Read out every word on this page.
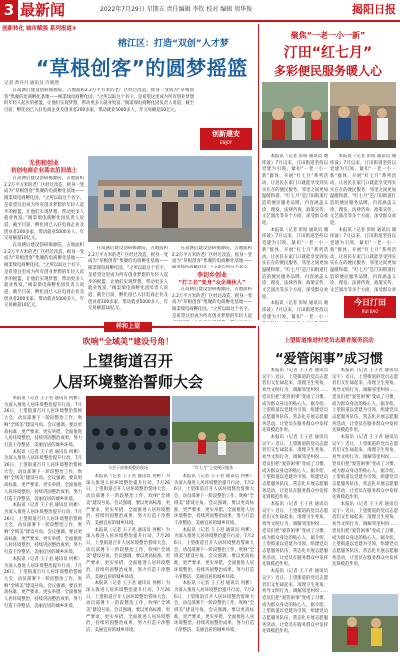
3 最新闻	2022年7月29日 星期五 责任编辑 李钦 校对 编辑 周华俊	揭阳日报
创新转化 城市赋强 系列报道③
榕江区：打造“双创”人才梦
“草根创客”的圆梦摇篮
记者 黄丹丹 通讯员 许晓然

在高测后建设创研揭源院，占地面积2.2万平方米的老厂区经过改造，摇身一变成为“草根创客”集聚的电商孵化基地——揭渠瑞电商孵化园。“之所以取这个名字，是希望这里成为所有创业梦想的年轻人起步的摇篮，让他们实现梦想，带动更多人就业致富。”揭渠瑞电商孵化园负责人说道，截至目前，孵化园已入驻电商企业及创业者200多家，带动就业5000多人，年交易额超10亿元。

创新建安
ENJOY
无伤和创业
初创电商企业蓝衣茁回战土

在高测后建设创研揭源院，占地面积2.2万平方米的老厂区经过改造，摇身一变成为“草根创客”集聚的电商孵化基地——揭渠瑞电商孵化园。“之所以取这个名字，是希望这里成为所有创业梦想的年轻人起步的摇篮，让他们实现梦想，带动更多人就业致富。”揭渠瑞电商孵化园负责人说道，截至目前，孵化园已入驻电商企业及创业者200多家，带动就业5000多人，年交易额超10亿元。

在高测后建设创研揭源院，占地面积2.2万平方米的老厂区经过改造，摇身一变成为“草根创客”集聚的电商孵化基地——揭渠瑞电商孵化园。“之所以取这个名字，是希望这里成为所有创业梦想的年轻人起步的摇篮，让他们实现梦想，带动更多人就业致富。”揭渠瑞电商孵化园负责人说道，截至目前，孵化园已入驻电商企业及创业者200多家，带动就业5000多人，年交易额超10亿元。

在高测后建设创研揭源院，占地面积2.2万平方米的老厂区经过改造，摇身一变成为“草根创客”集聚的电商孵化基地——揭渠瑞电商孵化园。“之所以取这个名字，是希望这里成为所有创业梦想的年轻人起步的摇篮，让他们实现梦想，带动更多人就业致富。”揭渠瑞电商孵化园负责人说道，截至目前，孵化园已入驻电商企业及创业者200多家，带动就业5000多人，年交易额超10亿元。

在高测后建设创研揭源院，占地面积2.2万平方米的老厂区经过改造，摇身一变成为“草根创客”集聚的电商孵化基地——

李切乡创业
“打工名”变身“众企商伙人”

在高测后建设创研揭源院，占地面积2.2万平方米的老厂区经过改造，摇身一变成为“草根创客”集聚的电商孵化基地——揭渠瑞电商孵化园。“之所以取这个名字，是希望这里成为所有创业梦想的年轻人起

聚焦“一老一小一新”
汀田“红七月”
多彩便民服务暖人心

本报讯（记者 彭锐 通讯员 谢炜波）7月以来，汀田街道坚持以党建为引领，紧扣“一老一小一新”群体，开展“红七月”系列活动，让居民在家门口就能享受到实实在在的便民服务，邻里之间更加温暖和谐。“红七月”是汀田街道打造的便民服务品牌，内容涵盖义诊、理发、法律咨询、政策宣传、文艺演出等多个方面，深受群众欢迎。

本报讯（记者 彭锐 通讯员 谢炜波）7月以来，汀田街道坚持以党建为引领，紧扣“一老一小一新”群体，开展“红七月”系列活动，让居民在家门口就能享受到实实在在的便民服务，邻里之间更加温暖和谐。“红七月”是汀田街道打造的便民服务品牌，内容涵盖义诊、理发、法律咨询、政策宣传、文艺演出等多个方面，深受群众欢迎。

本报讯（记者 彭锐 通讯员 谢炜波）7月以来，汀田街道坚持以党建为引领，紧扣“一老一小一

本报讯（记者 彭锐 通讯员 谢炜波）7月以来，汀田街道坚持以党建为引领，紧扣“一老一小一新”群体，开展“红七月”系列活动，让居民在家门口就能享受到实实在在的便民服务，邻里之间更加温暖和谐。“红七月”是汀田街道打造的便民服务品牌，内容涵盖义诊、理发、法律咨询、政策宣传、文艺演出等多个方面，深受群众欢迎。

本报讯（记者 彭锐 通讯员 谢炜波）7月以来，汀田街道坚持以党建为引领，紧扣“一老一小一新”群体，开展“红七月”系列活动，让居民在家门口就能享受到实实在在的便民服务，邻里之间更加温暖和谐。“红七月”是汀田街道打造的便民服务品牌，内容涵盖义诊、理发、法律咨询、政策宣传、文艺演出等多个方面，深受群众欢

今日汀田
RUI BAO
样和上望
吹响“全域美”建设号角！
上望街道召开
人居环境整治誓师大会
与会干部参观整治现场	“红七月”上望便民服务

本报讯（记者 王子君 通讯员 何彬）为深入推进人居环境整治提升行动，7月26日，上望街道召开人居环境整治誓师大会，动员部署下一阶段整治工作，吹响“全域美”建设号角。会议强调，要以更高标准、更严要求、更实举措，全面推进人居环境整治，持续巩固整治成果，努力打造干净整洁、美丽宜居的城乡环境。

本报讯（记者 王子君 通讯员 何彬）为深入推进人居环境整治提升行动，7月26日，上望街道召开人居环境整治誓师大会，动员部署下一阶段整治工作，吹响“全域美”建设号角。会议强调，要以更高标准、更严要求、更实举措，全面推进人居环境整治，持续巩固整治成果，努力打造干净整洁、美丽宜居的城乡环境。

本报讯（记者 王子君 通讯员 何彬）为深入推进人居环境整治提升行动，7月26日，上望街道召开人居环境整治誓师大会，动员部署下一阶段整治工作，吹响“全域美”建设号角。会议强调，要以更高标准、更严要求、更实举措，全面推进人居环境整治，持续巩固整治成果，努力打造干净整洁、美丽宜居的城乡环境。

本报讯（记者 王子君 通讯员 何彬）为深入推进人居环境整治提升行动，7月26日，上望街道召开人居环境整治誓师大会，动员部署下一阶段整治工作，吹响“全域美”建设号角。会议强调，要以更高标准、更严要求、更实举措，全面推进人居环境整治，持续巩固整治成果，努力打造干净整洁、美丽宜居的城乡环境。

本报讯（记者 王子君 通讯员 何彬）为深入推进人居环境整治提升行动，7月26日，上望街道召开人居环境整治誓师大会，动员部署下一阶段整治工作，吹响“全域美”建设号角。会议强调，要以更高标准、更严要求、更实举措，全面推进人居环境整治，持续巩固整治成果，努力打造干净整洁、美丽宜居的城乡环境。

本报讯（记者 王子君 通讯员 何彬）为深入推进人居环境整治提升行动，7月26日，上望街道召开人居环境整治誓师大会，动员部署下一阶段整治工作，吹响“全域美”建设号角。会议强调，要以更高标准、更严要求、更实举措，全面推进人居环境整治，持续巩固整治成果，努力打造干净整洁、美丽宜居的城乡环境。

本报讯（记者 王子君 通讯员 何彬）为深入推进人居环境整治提升行动，7月26日，上望街道召开人居环境整治誓师大会，动员部署下一阶段整治工作，吹响“全域美”建设号角。会议强调，要以更高标准、更严要求、更实举措，全面推进人居环境整治，持续巩固整治成果，努力打造干净整洁、美丽宜居的城乡环境。

本报讯（记者 王子君 通讯员 何彬）为深入推进人居环境整治提升行动，7月26日，上望街道召开人居环境整治誓师大会，动员部署下一阶段整治工作，吹响“全域美”建设号角。会议强调，要以更高标准、更严要求、更实举措，全面推进人居环境整治，持续巩固整治成果，努力打造干净整洁、美丽宜居的城乡环境。

本报讯（记者 王子君 通讯员 何彬）为深入推进人居环境整治提升行动，7月26日，上望街道召开人居环境整治誓师大会，动员部署下一阶段整治工作，吹响“全域美”建设号角。会议强调，要以更高标准、更严要求、更实举措，全面推进人居环境整治，持续巩固整治成果，努力打造干净整洁、美丽宜居的城乡环境。

本报讯（记者 王子君 通讯员 何彬）为深入推进人居环境整治提升行动，7月26日，上望街道召开人居环境整治誓师大会，动员部署下一阶段整治工作，吹响“全域美”建设号角。会议强调，要以更高标准、更严要求、更实举措，全面推进人居环境整治，持续巩固整治成果，努力打造干净整洁、美丽宜居的城乡环境。

上望街道推进村党员志愿者服务活动
“爱管闲事”成习惯

本报讯（记者 王子君 通讯员 吴宇）近日，上望街道的党员志愿者们又忙碌起来，清理卫生死角、劝导文明行为、调解邻里纠纷……党员们把“爱管闲事”变成了习惯，成为群众身边的贴心人。据介绍，上望街道以党建为引领，组建党员志愿服务队伍，常态化开展志愿服务活动，让党员在服务群众中发挥先锋模范作用。

本报讯（记者 王子君 通讯员 吴宇）近日，上望街道的党员志愿者们又忙碌起来，清理卫生死角、劝导文明行为、调解邻里纠纷……党员们把“爱管闲事”变成了习惯，成为群众身边的贴心人。据介绍，上望街道以党建为引领，组建党员志愿服务队伍，常态化开展志愿服务活动，让党员在服务群众中发挥先锋模范作用。

本报讯（记者 王子君 通讯员 吴宇）近日，上望街道的党员志愿者们又忙碌起来，清理卫生死角、劝导文明行为、调解邻里纠纷……党员们把“爱管闲事”变成了习惯，成为群众身边的贴心人。据介绍，上望街道以党建为引领，组建党员志愿服务队伍，常态化开展志愿服务活动，让党员在服务群众中发挥先锋模范作用。

本报讯（记者 王子君 通讯员 吴宇）近日，上望街道的党员志愿者们又忙碌起来，清理卫生死角、劝导文明行为、调解邻里纠纷……党员们把“爱管闲事”变成了习惯，成为群众身边的贴心人。据介绍，上望街道以党建为引领，组建党员志愿服务队伍，常态化开展志愿服务活动，让党员在服务群众中发挥先锋模范作用。

本报讯（记者 王子君 通讯员 吴宇）近日，上望街道的党员志愿者们又忙碌起来，清理卫生死角、劝导文明行为、调解邻里纠纷……党员们把“爱管闲事”变成了习惯，成为群众身边的贴心人。据介绍，上望街道以党建为引领，组建党员志愿服务队伍，常态化开展志愿服务活动，让党员在服务群众中发挥先锋模范作用。

本报讯（记者 王子君 通讯员 吴宇）近日，上望街道的党员志愿者们又忙碌起来，清理卫生死角、劝导文明行为、调解邻里纠纷……党员们把“爱管闲事”变成了习惯，成为群众身边的贴心人。据介绍，上望街道以党建为引领，组建党员志愿服务队伍，常态化开展志愿服务活动，让党员在服务群众中发挥先锋模范作用。

本报讯（记者 王子君 通讯员 吴宇）近日，上望街道的党员志愿者们又忙碌起来，清理卫生死角、劝导文明行为、调解邻里纠纷……党员们把“爱管闲事”变成了习惯，成为群众身边的贴心人。据介绍，上望街道以党建为引领，组建党员志愿服务队伍，常态化开展志愿服务活动，让党员在服务群众中发挥先锋模范作用。
